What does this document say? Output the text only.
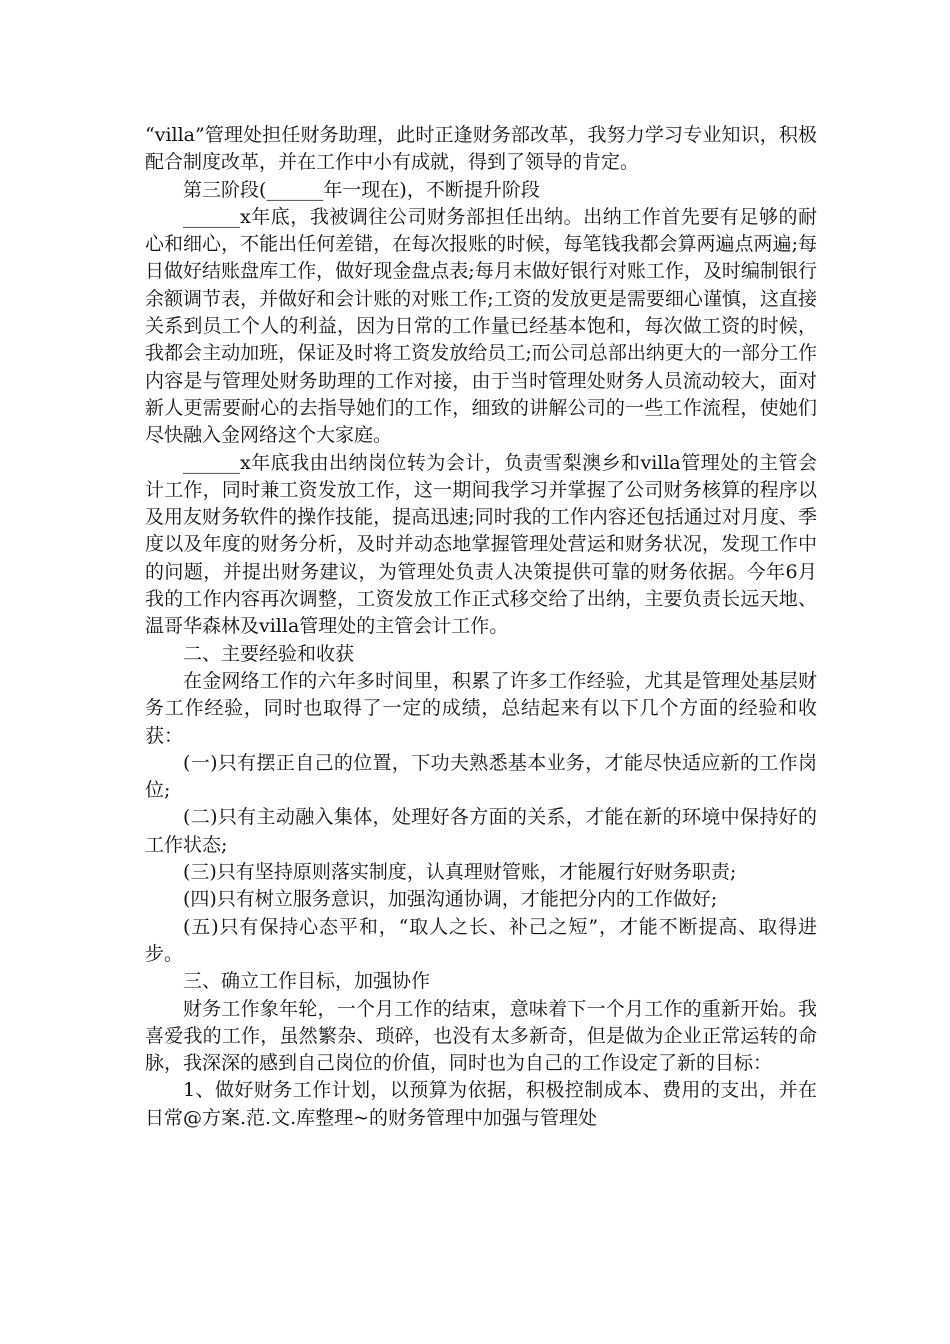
“villa”管理处担任财务助理，此时正逢财务部改革，我努力学习专业知识，积极配合制度改革，并在工作中小有成就，得到了领导的肯定。

第三阶段(______年一现在)，不断提升阶段

______x年底，我被调往公司财务部担任出纳。出纳工作首先要有足够的耐心和细心，不能出任何差错，在每次报账的时候，每笔钱我都会算两遍点两遍;每日做好结账盘库工作，做好现金盘点表;每月末做好银行对账工作，及时编制银行余额调节表，并做好和会计账的对账工作;工资的发放更是需要细心谨慎，这直接关系到员工个人的利益，因为日常的工作量已经基本饱和，每次做工资的时候，我都会主动加班，保证及时将工资发放给员工;而公司总部出纳更大的一部分工作内容是与管理处财务助理的工作对接，由于当时管理处财务人员流动较大，面对新人更需要耐心的去指导她们的工作，细致的讲解公司的一些工作流程，使她们尽快融入金网络这个大家庭。

______x年底我由出纳岗位转为会计，负责雪梨澳乡和villa管理处的主管会计工作，同时兼工资发放工作，这一期间我学习并掌握了公司财务核算的程序以及用友财务软件的操作技能，提高迅速;同时我的工作内容还包括通过对月度、季度以及年度的财务分析，及时并动态地掌握管理处营运和财务状况，发现工作中的问题，并提出财务建议，为管理处负责人决策提供可靠的财务依据。今年6月我的工作内容再次调整，工资发放工作正式移交给了出纳，主要负责长远天地、温哥华森林及villa管理处的主管会计工作。

二、主要经验和收获

在金网络工作的六年多时间里，积累了许多工作经验，尤其是管理处基层财务工作经验，同时也取得了一定的成绩，总结起来有以下几个方面的经验和收获：

(一)只有摆正自己的位置，下功夫熟悉基本业务，才能尽快适应新的工作岗位;

(二)只有主动融入集体，处理好各方面的关系，才能在新的环境中保持好的工作状态;

(三)只有坚持原则落实制度，认真理财管账，才能履行好财务职责;

(四)只有树立服务意识，加强沟通协调，才能把分内的工作做好;

(五)只有保持心态平和，“取人之长、补己之短”，才能不断提高、取得进步。

三、确立工作目标，加强协作

财务工作象年轮，一个月工作的结束，意味着下一个月工作的重新开始。我喜爱我的工作，虽然繁杂、琐碎，也没有太多新奇，但是做为企业正常运转的命脉，我深深的感到自己岗位的价值，同时也为自己的工作设定了新的目标：

1、做好财务工作计划，以预算为依据，积极控制成本、费用的支出，并在日常@方案.范.文.库整理~的财务管理中加强与管理处
